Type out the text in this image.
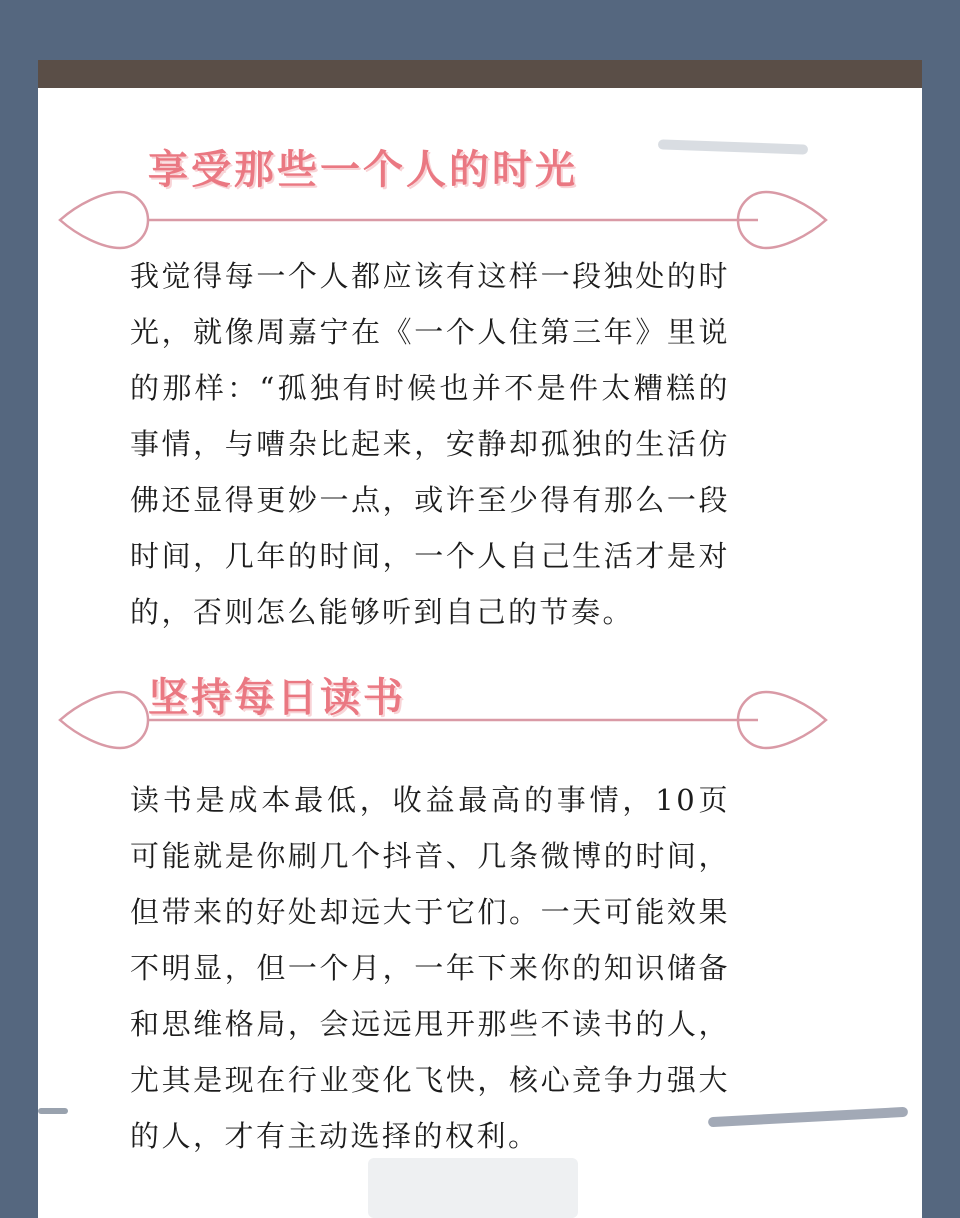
享受那些一个人的时光

我觉得每一个人都应该有这样一段独处的时光，就像周嘉宁在《一个人住第三年》里说的那样：“孤独有时候也并不是件太糟糕的事情，与嘈杂比起来，安静却孤独的生活仿佛还显得更妙一点，或许至少得有那么一段时间，几年的时间，一个人自己生活才是对的，否则怎么能够听到自己的节奏。

坚持每日读书

读书是成本最低，收益最高的事情，10页可能就是你刷几个抖音、几条微博的时间，但带来的好处却远大于它们。一天可能效果不明显，但一个月，一年下来你的知识储备和思维格局，会远远甩开那些不读书的人，尤其是现在行业变化飞快，核心竞争力强大的人，才有主动选择的权利。
